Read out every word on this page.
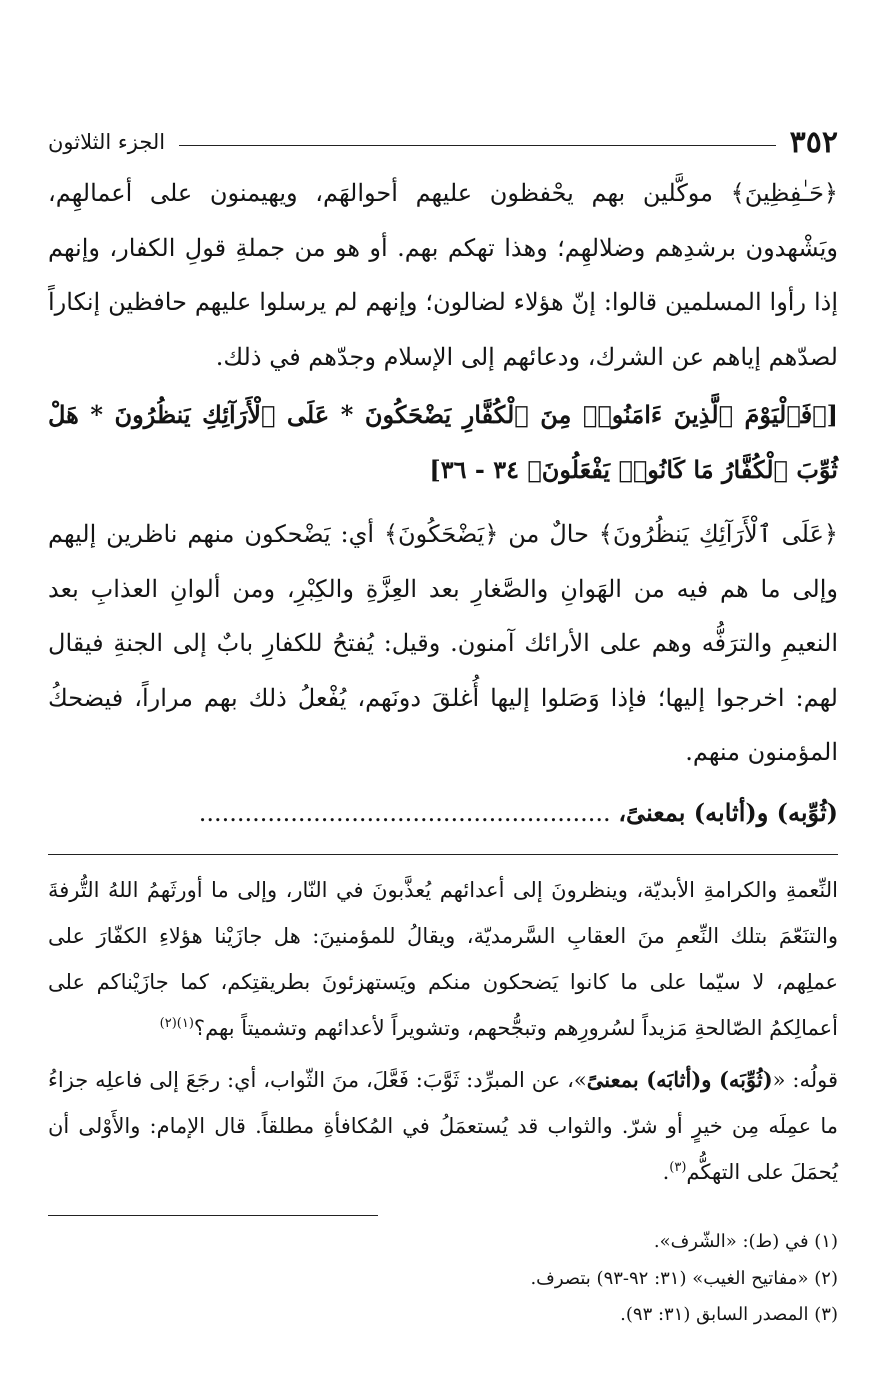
٣٥٢
الجزء الثلاثون

﴿حَـٰفِظِينَ﴾ موكَّلين بهم يحْفظون عليهم أحوالهَم، ويهيمنون على أعمالهِم، ويَشْهدون برشدِهم وضلالهِم؛ وهذا تهكم بهم. أو هو من جملةِ قولِ الكفار، وإنهم إذا رأوا المسلمين قالوا: إنّ هؤلاء لضالون؛ وإنهم لم يرسلوا عليهم حافظين إنكاراً لصدّهم إياهم عن الشرك، ودعائهم إلى الإسلام وجدّهم في ذلك.

[﴿فَٱلْيَوْمَ ٱلَّذِينَ ءَامَنُوا۟ مِنَ ٱلْكُفَّارِ يَضْحَكُونَ * عَلَى ٱلْأَرَآئِكِ يَنظُرُونَ * هَلْ ثُوِّبَ ٱلْكُفَّارُ مَا كَانُوا۟ يَفْعَلُونَ﴾ ٣٤ - ٣٦]

﴿عَلَى ٱلْأَرَآئِكِ يَنظُرُونَ﴾ حالٌ من ﴿يَضْحَكُونَ﴾ أي: يَضْحكون منهم ناظرين إليهم وإلى ما هم فيه من الهَوانِ والصَّغارِ بعد العِزَّةِ والكِبْرِ، ومن ألوانِ العذابِ بعد النعيمِ والترَفُّه وهم على الأرائك آمنون. وقيل: يُفتحُ للكفارِ بابٌ إلى الجنةِ فيقال لهم: اخرجوا إليها؛ فإذا وَصَلوا إليها أُغلقَ دونَهم، يُفْعلُ ذلك بهم مراراً، فيضحكُ المؤمنون منهم.

(ثُوِّبه) و(أثابه) بمعنىً، ......................................................

النِّعمةِ والكرامةِ الأبديّة، وينظرونَ إلى أعدائهم يُعذَّبونَ في النّار، وإلى ما أورثَهمُ اللهُ التُّرفةَ والتنَعّمَ بتلك النِّعمِ منَ العقابِ السَّرمديّة، ويقالُ للمؤمنينَ: هل جازَيْنا هؤلاءِ الكفّارَ على عملِهم، لا سيّما على ما كانوا يَضحكون منكم ويَستهزئونَ بطريقتِكم، كما جازَيْناكم على أعمالِكمُ الصّالحةِ مَزيداً لسُرورِهم وتبجُّحهم، وتشويراً لأعدائهم وتشميتاً بهم؟$^{(١)(٢)}$

قولُه: «(ثُوِّبَه) و(أثابَه) بمعنىً»، عن المبرِّد: ثَوَّبَ: فَعَّلَ، منَ الثّواب، أي: رجَعَ إلى فاعلِه جزاءُ ما عمِلَه مِن خيرٍ أو شرّ. والثواب قد يُستعمَلُ في المُكافأةِ مطلقاً. قال الإمام: والأَوْلى أن يُحمَلَ على التهكُّم$^{(٣)}$.

(١) في (ط): «الشّرف».

(٢) «مفاتيح الغيب» (٣١: ٩٢-٩٣) بتصرف.

(٣) المصدر السابق (٣١: ٩٣).
